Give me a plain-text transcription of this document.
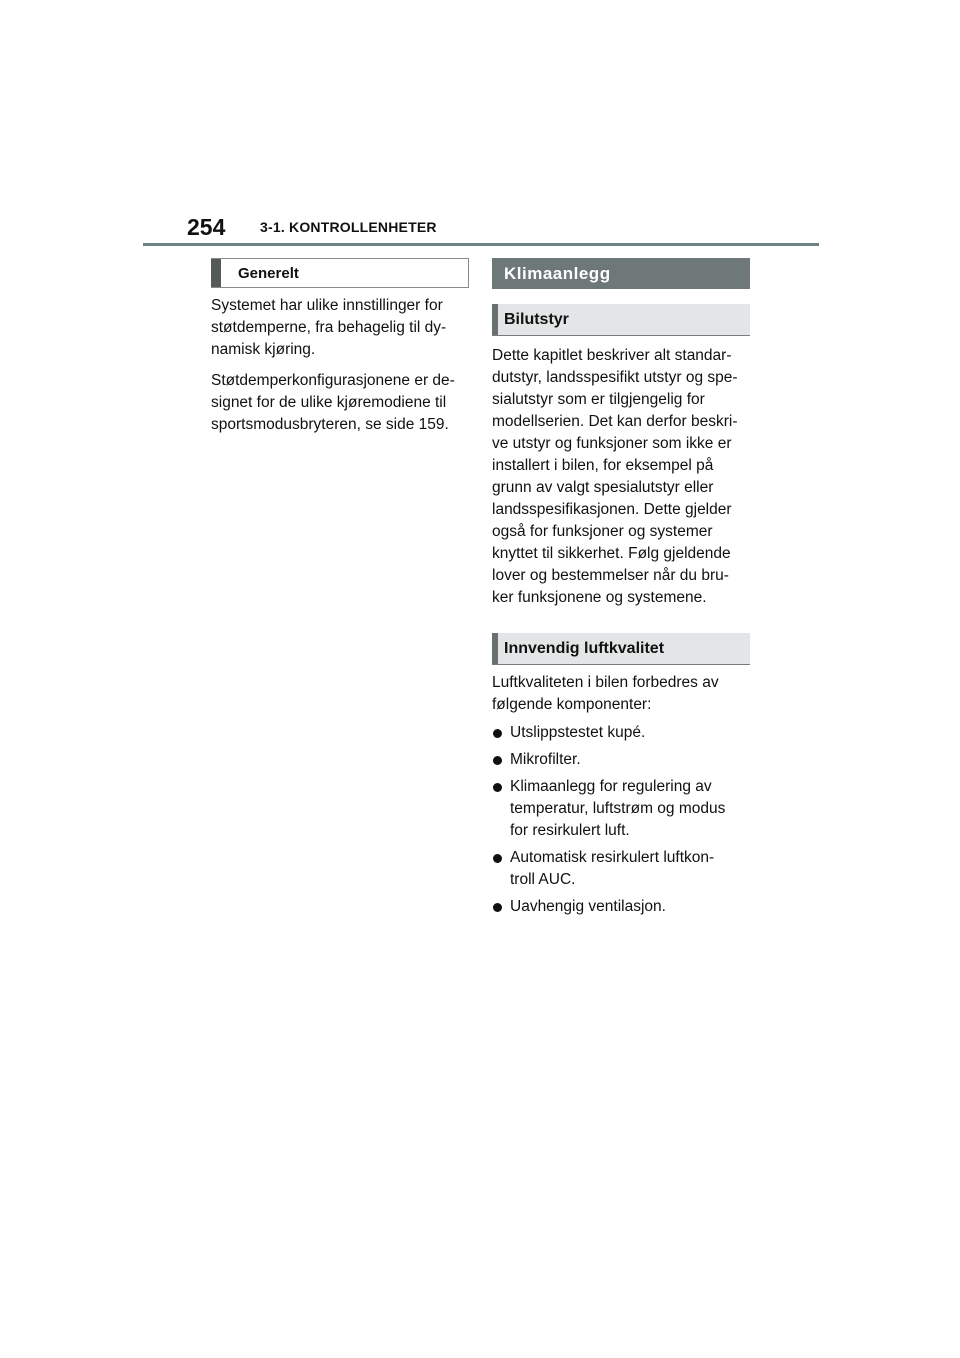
254 3-1. KONTROLLENHETER
Generelt

Systemet har ulike innstillinger for støtdemperne, fra behagelig til dy- namisk kjøring.

Støtdemperkonfigurasjonene er de- signet for de ulike kjøremodiene til sportsmodusbryteren, se side 159.

Klimaanlegg
Bilutstyr

Dette kapitlet beskriver alt standar- dutstyr, landsspesifikt utstyr og spe- sialutstyr som er tilgjengelig for modellserien. Det kan derfor beskri- ve utstyr og funksjoner som ikke er installert i bilen, for eksempel på grunn av valgt spesialutstyr eller landsspesifikasjonen. Dette gjelder også for funksjoner og systemer knyttet til sikkerhet. Følg gjeldende lover og bestemmelser når du bru- ker funksjonene og systemene.

Innvendig luftkvalitet

Luftkvaliteten i bilen forbedres av følgende komponenter:

Utslippstestet kupé.
Mikrofilter.
Klimaanlegg for regulering av temperatur, luftstrøm og modus for resirkulert luft.
Automatisk resirkulert luftkon- troll AUC.
Uavhengig ventilasjon.
